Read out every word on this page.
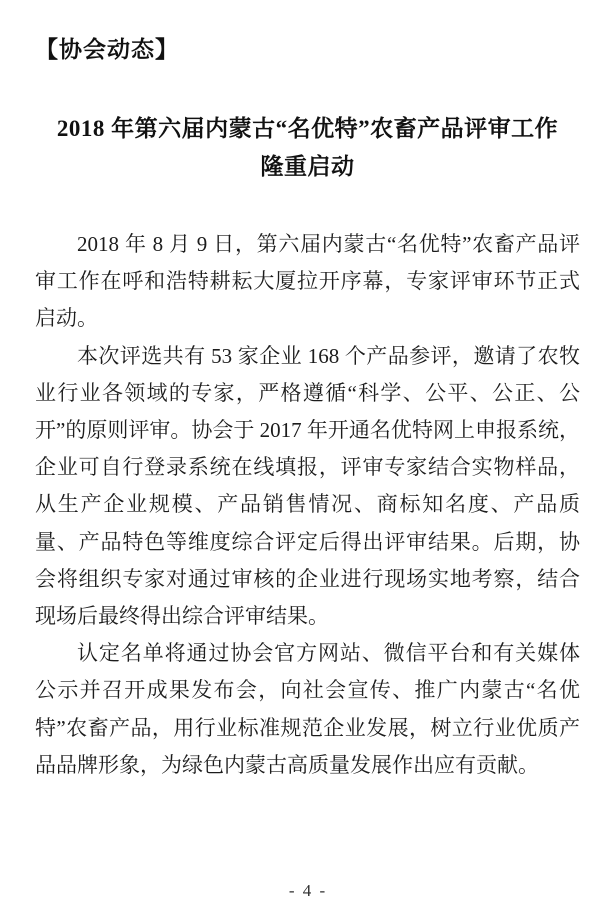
【协会动态】
2018 年第六届内蒙古“名优特”农畜产品评审工作
隆重启动

2018 年 8 月 9 日，第六届内蒙古“名优特”农畜产品评审工作在呼和浩特耕耘大厦拉开序幕，专家评审环节正式启动。

本次评选共有 53 家企业 168 个产品参评，邀请了农牧业行业各领域的专家，严格遵循“科学、公平、公正、公开”的原则评审。协会于 2017 年开通名优特网上申报系统，企业可自行登录系统在线填报，评审专家结合实物样品，从生产企业规模、产品销售情况、商标知名度、产品质量、产品特色等维度综合评定后得出评审结果。后期，协会将组织专家对通过审核的企业进行现场实地考察，结合现场后最终得出综合评审结果。

认定名单将通过协会官方网站、微信平台和有关媒体公示并召开成果发布会，向社会宣传、推广内蒙古“名优特”农畜产品，用行业标准规范企业发展，树立行业优质产品品牌形象，为绿色内蒙古高质量发展作出应有贡献。

- 4 -
